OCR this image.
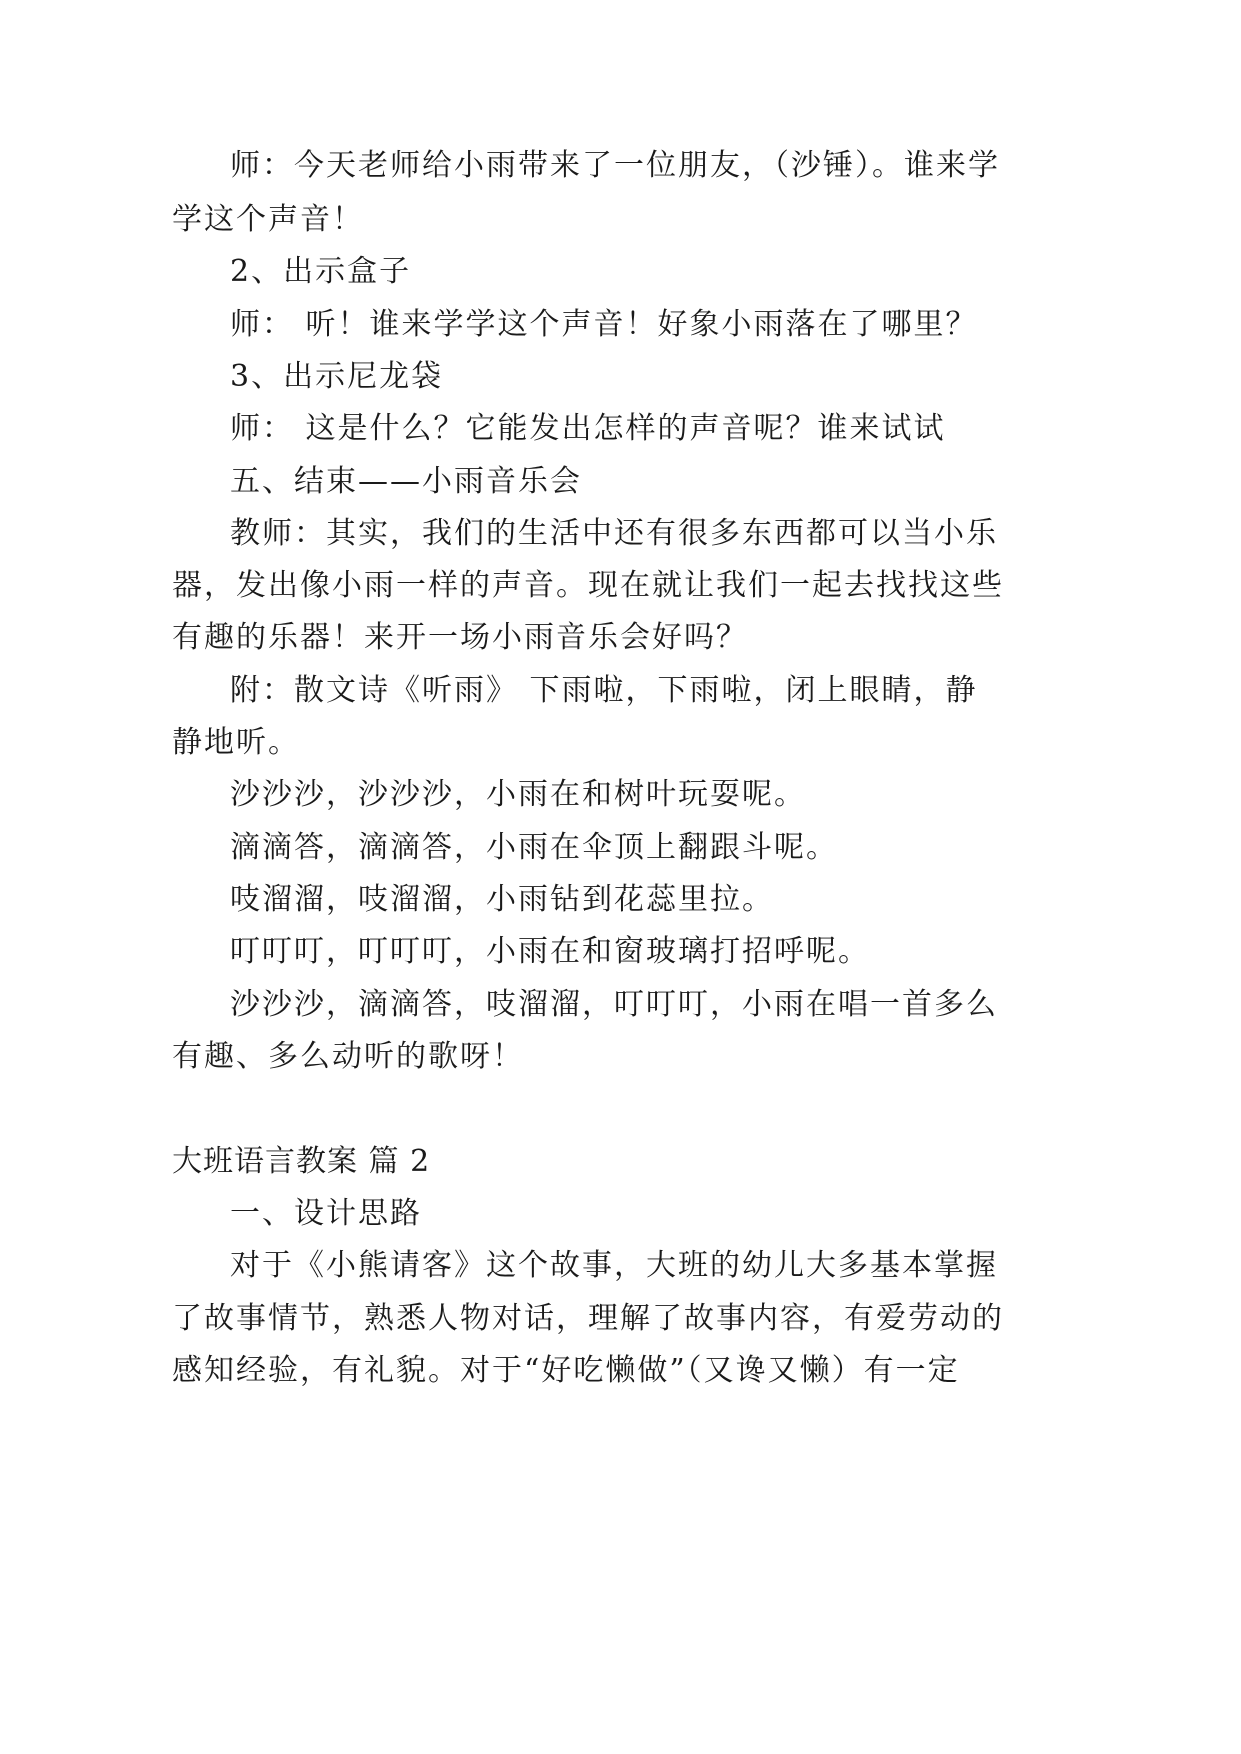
师：今天老师给小雨带来了一位朋友，（沙锤）。谁来学
学这个声音！
2、出示盒子
师： 听！谁来学学这个声音！好象小雨落在了哪里？
3、出示尼龙袋
师： 这是什么？它能发出怎样的声音呢？谁来试试
五、结束——小雨音乐会
教师：其实，我们的生活中还有很多东西都可以当小乐
器，发出像小雨一样的声音。现在就让我们一起去找找这些
有趣的乐器！来开一场小雨音乐会好吗？
附：散文诗《听雨》 下雨啦，下雨啦，闭上眼睛，静
静地听。
沙沙沙，沙沙沙，小雨在和树叶玩耍呢。
滴滴答，滴滴答，小雨在伞顶上翻跟斗呢。
吱溜溜，吱溜溜，小雨钻到花蕊里拉。
叮叮叮，叮叮叮，小雨在和窗玻璃打招呼呢。
沙沙沙，滴滴答，吱溜溜，叮叮叮，小雨在唱一首多么
有趣、多么动听的歌呀！
大班语言教案 篇 2
一、设计思路
对于《小熊请客》这个故事，大班的幼儿大多基本掌握
了故事情节，熟悉人物对话，理解了故事内容，有爱劳动的
感知经验，有礼貌。对于“好吃懒做”（又谗又懒）有一定
